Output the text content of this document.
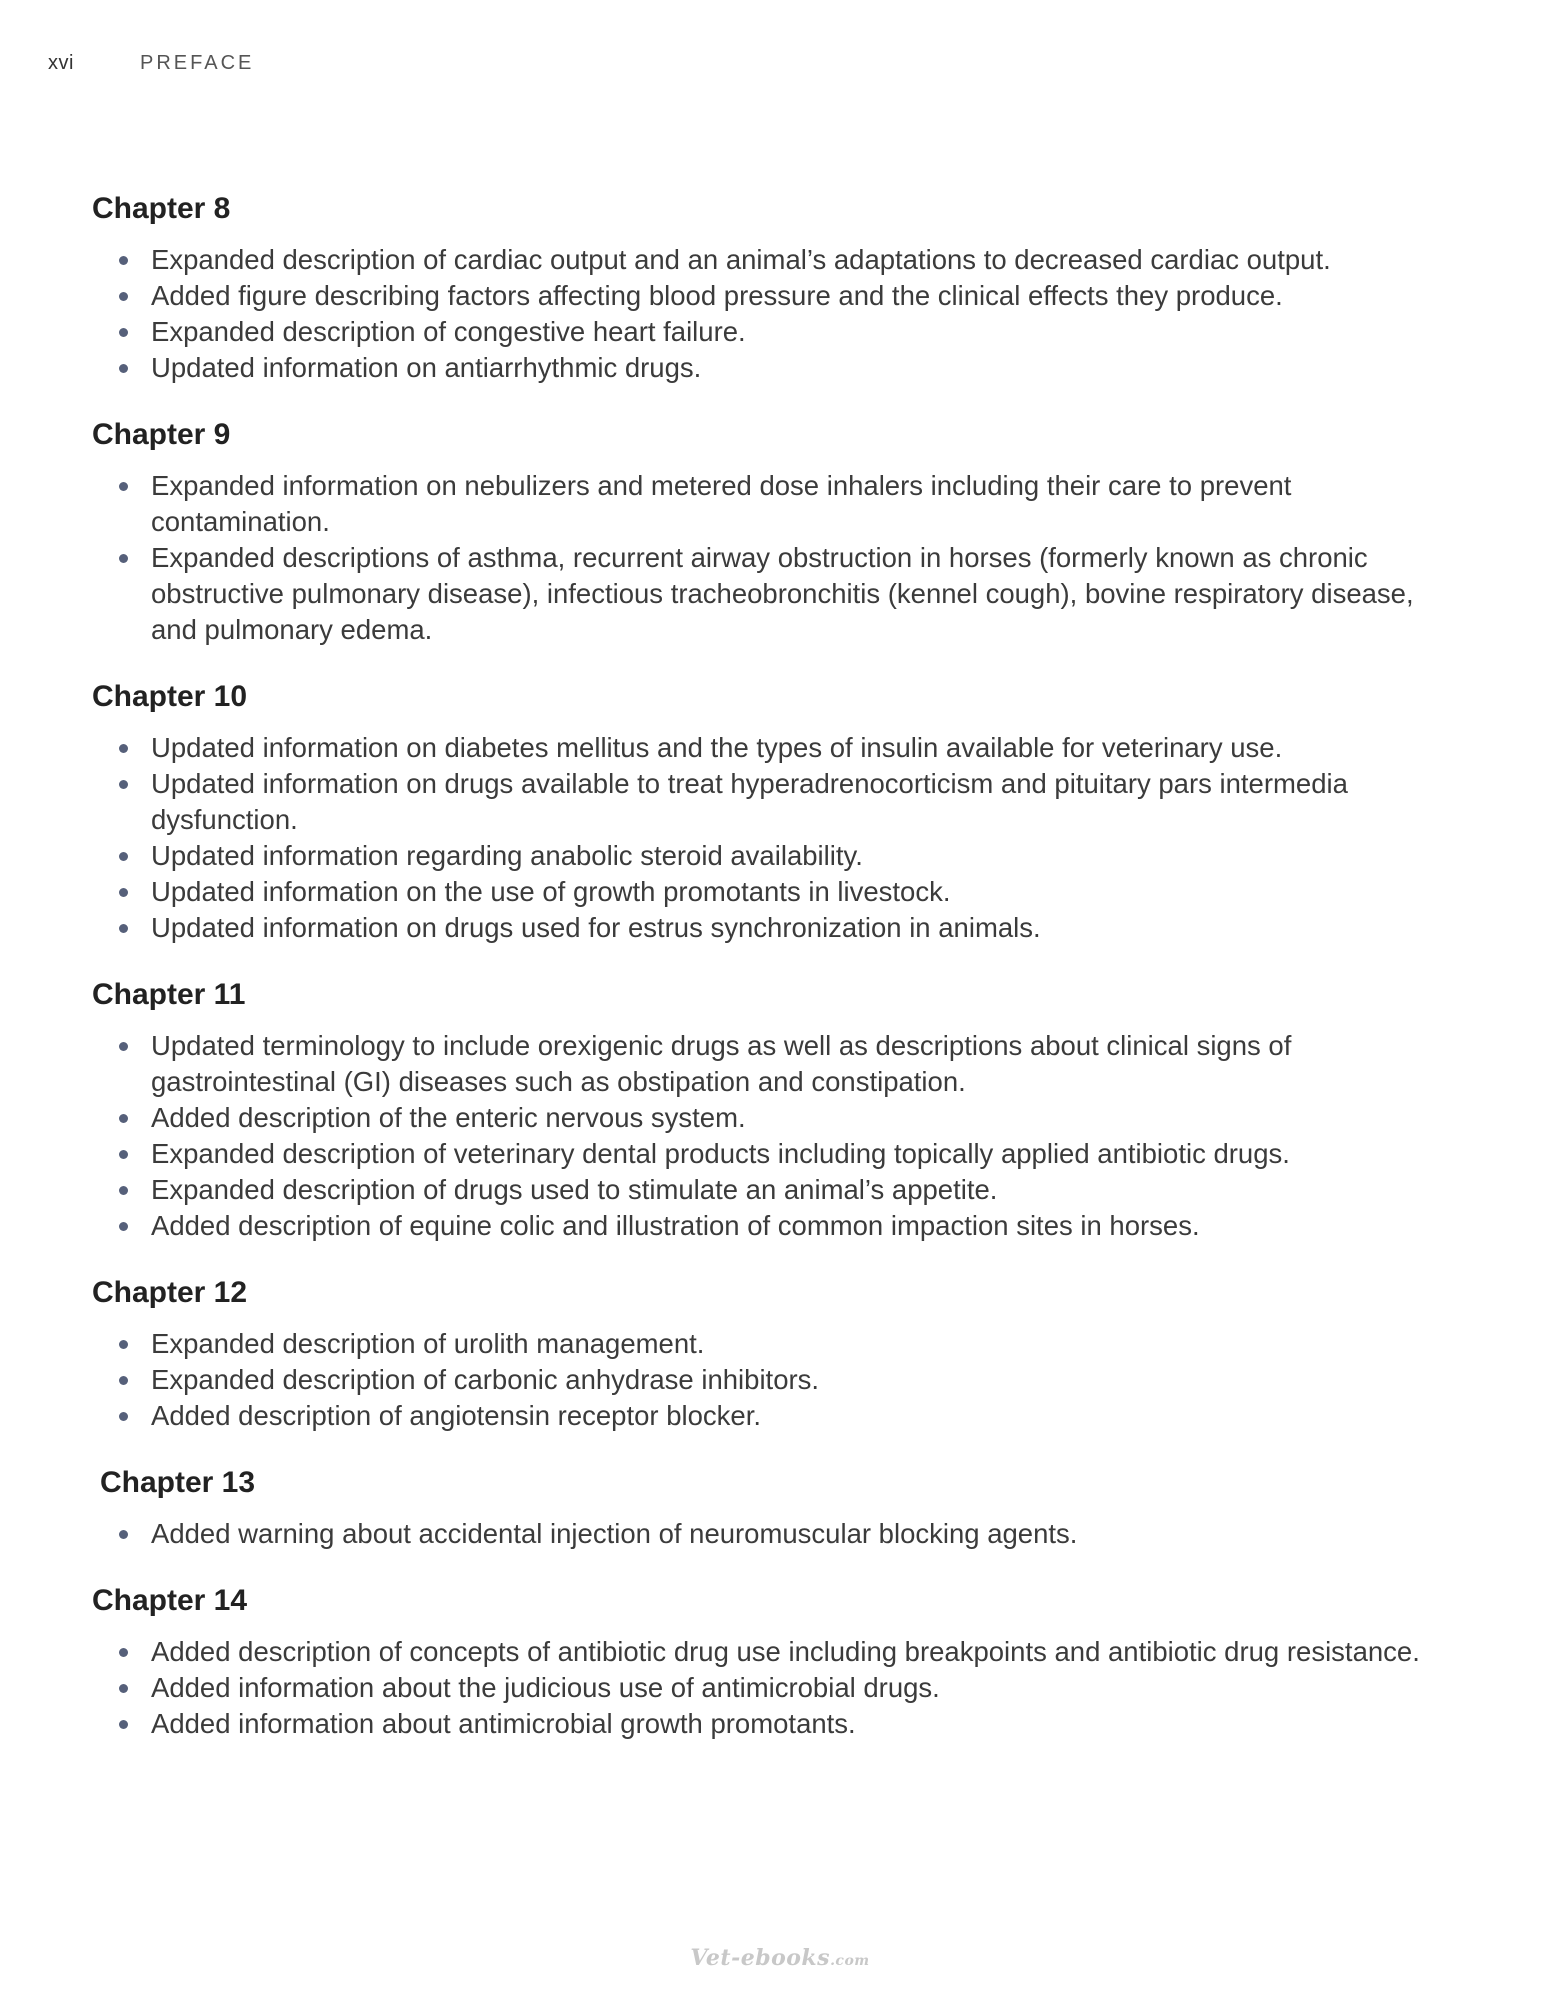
xvi	PREFACE
Chapter 8
Expanded description of cardiac output and an animal’s adaptations to decreased cardiac output.
Added figure describing factors affecting blood pressure and the clinical effects they produce.
Expanded description of congestive heart failure.
Updated information on antiarrhythmic drugs.
Chapter 9
Expanded information on nebulizers and metered dose inhalers including their care to prevent contamination.
Expanded descriptions of asthma, recurrent airway obstruction in horses (formerly known as chronic obstructive pulmonary disease), infectious tracheobronchitis (kennel cough), bovine respiratory disease, and pulmonary edema.
Chapter 10
Updated information on diabetes mellitus and the types of insulin available for veterinary use.
Updated information on drugs available to treat hyperadrenocorticism and pituitary pars intermedia dysfunction.
Updated information regarding anabolic steroid availability.
Updated information on the use of growth promotants in livestock.
Updated information on drugs used for estrus synchronization in animals.
Chapter 11
Updated terminology to include orexigenic drugs as well as descriptions about clinical signs of gastrointestinal (GI) diseases such as obstipation and constipation.
Added description of the enteric nervous system.
Expanded description of veterinary dental products including topically applied antibiotic drugs.
Expanded description of drugs used to stimulate an animal’s appetite.
Added description of equine colic and illustration of common impaction sites in horses.
Chapter 12
Expanded description of urolith management.
Expanded description of carbonic anhydrase inhibitors.
Added description of angiotensin receptor blocker.
Chapter 13
Added warning about accidental injection of neuromuscular blocking agents.
Chapter 14
Added description of concepts of antibiotic drug use including breakpoints and antibiotic drug resistance.
Added information about the judicious use of antimicrobial drugs.
Added information about antimicrobial growth promotants.
Vet-ebooks.com
